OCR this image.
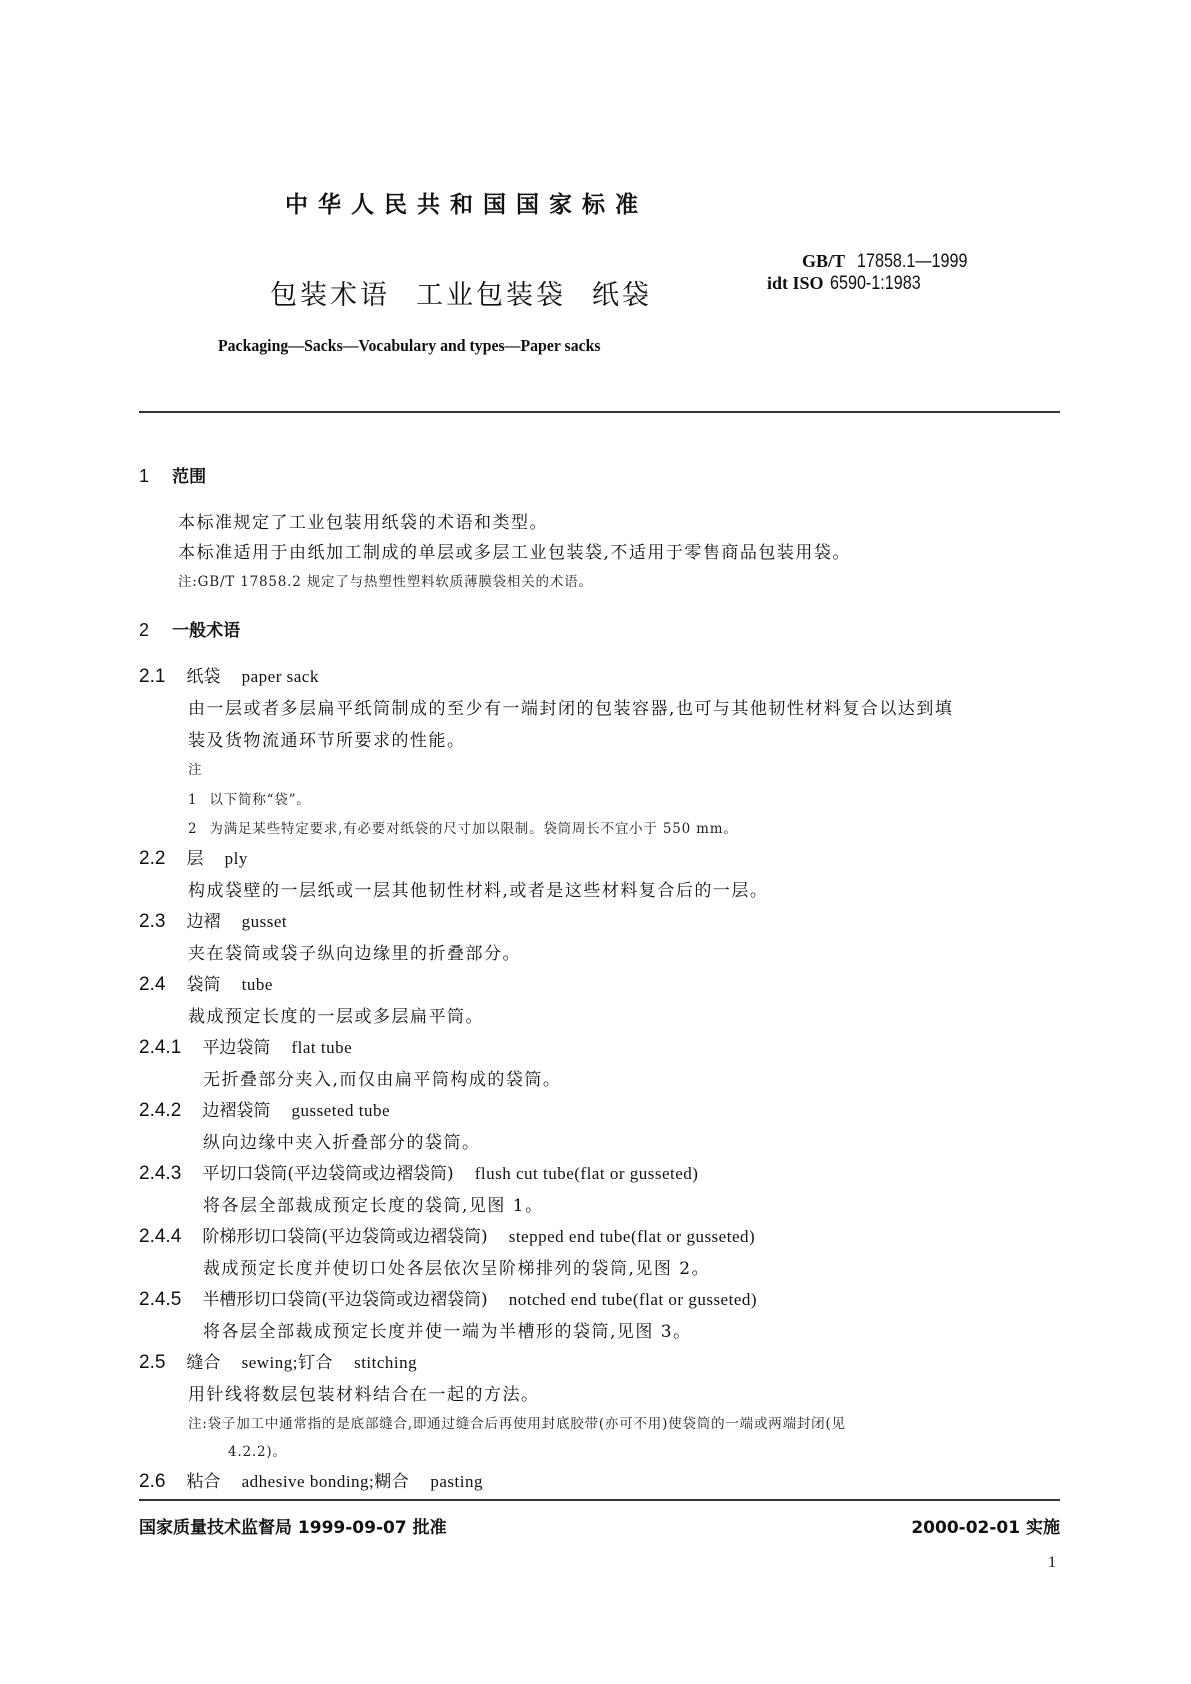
中华人民共和国国家标准
包装术语 工业包装袋 纸袋
GB/T 17858.1—1999
idt ISO 6590-1:1983
Packaging—Sacks—Vocabulary and types—Paper sacks
1 范围
本标准规定了工业包装用纸袋的术语和类型。
本标准适用于由纸加工制成的单层或多层工业包装袋,不适用于零售商品包装用袋。
注:GB/T 17858.2 规定了与热塑性塑料软质薄膜袋相关的术语。
2 一般术语
2.1 纸袋 paper sack
由一层或者多层扁平纸筒制成的至少有一端封闭的包装容器,也可与其他韧性材料复合以达到填
装及货物流通环节所要求的性能。
注
1 以下简称“袋”。
2 为满足某些特定要求,有必要对纸袋的尺寸加以限制。袋筒周长不宜小于 550 mm。
2.2 层 ply
构成袋壁的一层纸或一层其他韧性材料,或者是这些材料复合后的一层。
2.3 边褶 gusset
夹在袋筒或袋子纵向边缘里的折叠部分。
2.4 袋筒 tube
裁成预定长度的一层或多层扁平筒。
2.4.1 平边袋筒 flat tube
无折叠部分夹入,而仅由扁平筒构成的袋筒。
2.4.2 边褶袋筒 gusseted tube
纵向边缘中夹入折叠部分的袋筒。
2.4.3 平切口袋筒(平边袋筒或边褶袋筒) flush cut tube(flat or gusseted)
将各层全部裁成预定长度的袋筒,见图 1。
2.4.4 阶梯形切口袋筒(平边袋筒或边褶袋筒) stepped end tube(flat or gusseted)
裁成预定长度并使切口处各层依次呈阶梯排列的袋筒,见图 2。
2.4.5 半槽形切口袋筒(平边袋筒或边褶袋筒) notched end tube(flat or gusseted)
将各层全部裁成预定长度并使一端为半槽形的袋筒,见图 3。
2.5 缝合 sewing;钉合 stitching
用针线将数层包装材料结合在一起的方法。
注:袋子加工中通常指的是底部缝合,即通过缝合后再使用封底胶带(亦可不用)使袋筒的一端或两端封闭(见
4.2.2)。
2.6 粘合 adhesive bonding;糊合 pasting
国家质量技术监督局 1999-09-07 批准	2000-02-01 实施
1
